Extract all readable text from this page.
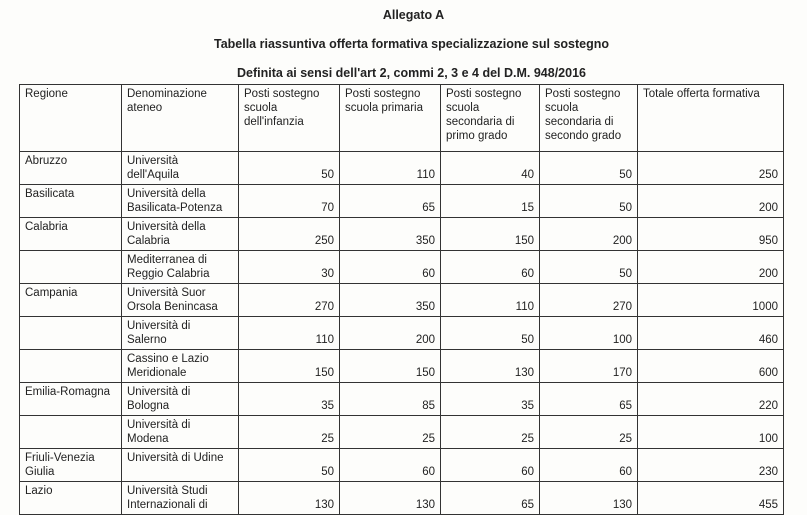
Allegato A
Tabella riassuntiva offerta formativa specializzazione sul sostegno
Definita ai sensi dell'art 2, commi 2, 3 e 4 del D.M. 948/2016
Regione	Denominazione ateneo	Posti sostegno scuola dell'infanzia	Posti sostegno scuola primaria	Posti sostegno scuola secondaria di primo grado	Posti sostegno scuola secondaria di secondo grado	Totale offerta formativa
Abruzzo	Università dell'Aquila	50	110	40	50	250
Basilicata	Università della Basilicata-Potenza	70	65	15	50	200
Calabria	Università della Calabria	250	350	150	200	950
	Mediterranea di Reggio Calabria	30	60	60	50	200
Campania	Università Suor Orsola Benincasa	270	350	110	270	1000
	Università di Salerno	110	200	50	100	460
	Cassino e Lazio Meridionale	150	150	130	170	600
Emilia-Romagna	Università di Bologna	35	85	35	65	220
	Università di Modena	25	25	25	25	100
Friuli-Venezia Giulia	Università di Udine	50	60	60	60	230
Lazio	Università Studi Internazionali di	130	130	65	130	455
